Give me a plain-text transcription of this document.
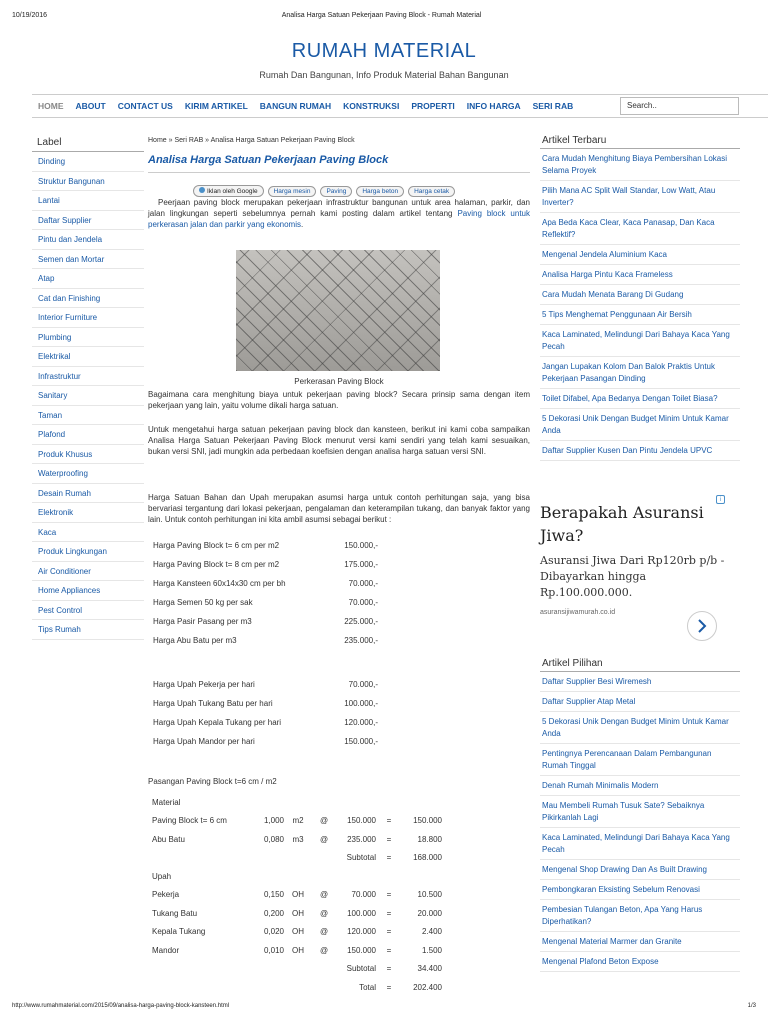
10/19/2016	Analisa Harga Satuan Pekerjaan Paving Block - Rumah Material
RUMAH MATERIAL
Rumah Dan Bangunan, Info Produk Material Bahan Bangunan
HOME	ABOUT	CONTACT US	KIRIM ARTIKEL	BANGUN RUMAH	KONSTRUKSI	PROPERTI	INFO HARGA	SERI RAB	Search..
Label
Dinding
Struktur Bangunan
Lantai
Daftar Supplier
Pintu dan Jendela
Semen dan Mortar
Atap
Cat dan Finishing
Interior Furniture
Plumbing
Elektrikal
Infrastruktur
Sanitary
Taman
Plafond
Produk Khusus
Waterproofing
Desain Rumah
Elektronik
Kaca
Produk Lingkungan
Air Conditioner
Home Appliances
Pest Control
Tips Rumah
Home » Seri RAB » Analisa Harga Satuan Pekerjaan Paving Block
Analisa Harga Satuan Pekerjaan Paving Block
Iklan oleh Google	Harga mesin	Paving	Harga beton	Harga cetak
Peerjaan paving block merupakan pekerjaan infrastruktur bangunan untuk area halaman, parkir, dan jalan lingkungan seperti sebelumnya pernah kami posting dalam artikel tentang Paving block untuk perkerasan jalan dan parkir yang ekonomis.
Perkerasan Paving Block
Bagaimana cara menghitung biaya untuk pekerjaan paving block? Secara prinsip sama dengan item pekerjaan yang lain, yaitu volume dikali harga satuan.
Untuk mengetahui harga satuan pekerjaan paving block dan kansteen, berikut ini kami coba sampaikan Analisa Harga Satuan Pekerjaan Paving Block menurut versi kami sendiri yang telah kami sesuaikan, bukan versi SNI, jadi mungkin ada perbedaan koefisien dengan analisa harga satuan versi SNI.
Harga Satuan Bahan dan Upah merupakan asumsi harga untuk contoh perhitungan saja, yang bisa bervariasi tergantung dari lokasi pekerjaan, pengalaman dan keterampilan tukang, dan banyak faktor yang lain. Untuk contoh perhitungan ini kita ambil asumsi sebagai berikut :
Harga Paving Block t= 6 cm per m2	150.000,-
Harga Paving Block t= 8 cm per m2	175.000,-
Harga Kansteen 60x14x30 cm per bh	70.000,-
Harga Semen 50 kg per sak	70.000,-
Harga Pasir Pasang per m3	225.000,-
Harga Abu Batu per m3	235.000,-
Harga Upah Pekerja per hari	70.000,-
Harga Upah Tukang Batu per hari	100.000,-
Harga Upah Kepala Tukang per hari	120.000,-
Harga Upah Mandor per hari	150.000,-
Pasangan Paving Block t=6 cm / m2
Material						
Paving Block t= 6 cm	1,000	m2	@	150.000	=	150.000
Abu Batu	0,080	m3	@	235.000	=	18.800
				Subtotal	=	168.000
Upah						
Pekerja	0,150	OH	@	70.000	=	10.500
Tukang Batu	0,200	OH	@	100.000	=	20.000
Kepala Tukang	0,020	OH	@	120.000	=	2.400
Mandor	0,010	OH	@	150.000	=	1.500
				Subtotal	=	34.400
				Total	=	202.400
Artikel Terbaru
Cara Mudah Menghitung Biaya Pembersihan Lokasi Selama Proyek
Pilih Mana AC Split Wall Standar, Low Watt, Atau Inverter?
Apa Beda Kaca Clear, Kaca Panasap, Dan Kaca Reflektif?
Mengenal Jendela Aluminium Kaca
Analisa Harga Pintu Kaca Frameless
Cara Mudah Menata Barang Di Gudang
5 Tips Menghemat Penggunaan Air Bersih
Kaca Laminated, Melindungi Dari Bahaya Kaca Yang Pecah
Jangan Lupakan Kolom Dan Balok Praktis Untuk Pekerjaan Pasangan Dinding
Toilet Difabel, Apa Bedanya Dengan Toilet Biasa?
5 Dekorasi Unik Dengan Budget Minim Untuk Kamar Anda
Daftar Supplier Kusen Dan Pintu Jendela UPVC
i
Berapakah Asuransi Jiwa?
Asuransi Jiwa Dari Rp120rb p/b - Dibayarkan hingga Rp.100.000.000.
asuransijiwamurah.co.id
Artikel Pilihan
Daftar Supplier Besi Wiremesh
Daftar Supplier Atap Metal
5 Dekorasi Unik Dengan Budget Minim Untuk Kamar Anda
Pentingnya Perencanaan Dalam Pembangunan Rumah Tinggal
Denah Rumah Minimalis Modern
Mau Membeli Rumah Tusuk Sate? Sebaiknya Pikirkanlah Lagi
Kaca Laminated, Melindungi Dari Bahaya Kaca Yang Pecah
Mengenal Shop Drawing Dan As Built Drawing
Pembongkaran Eksisting Sebelum Renovasi
Pembesian Tulangan Beton, Apa Yang Harus Diperhatikan?
Mengenal Material Marmer dan Granite
Mengenal Plafond Beton Expose
http://www.rumahmaterial.com/2015/09/analisa-harga-paving-block-kansteen.html	1/3
